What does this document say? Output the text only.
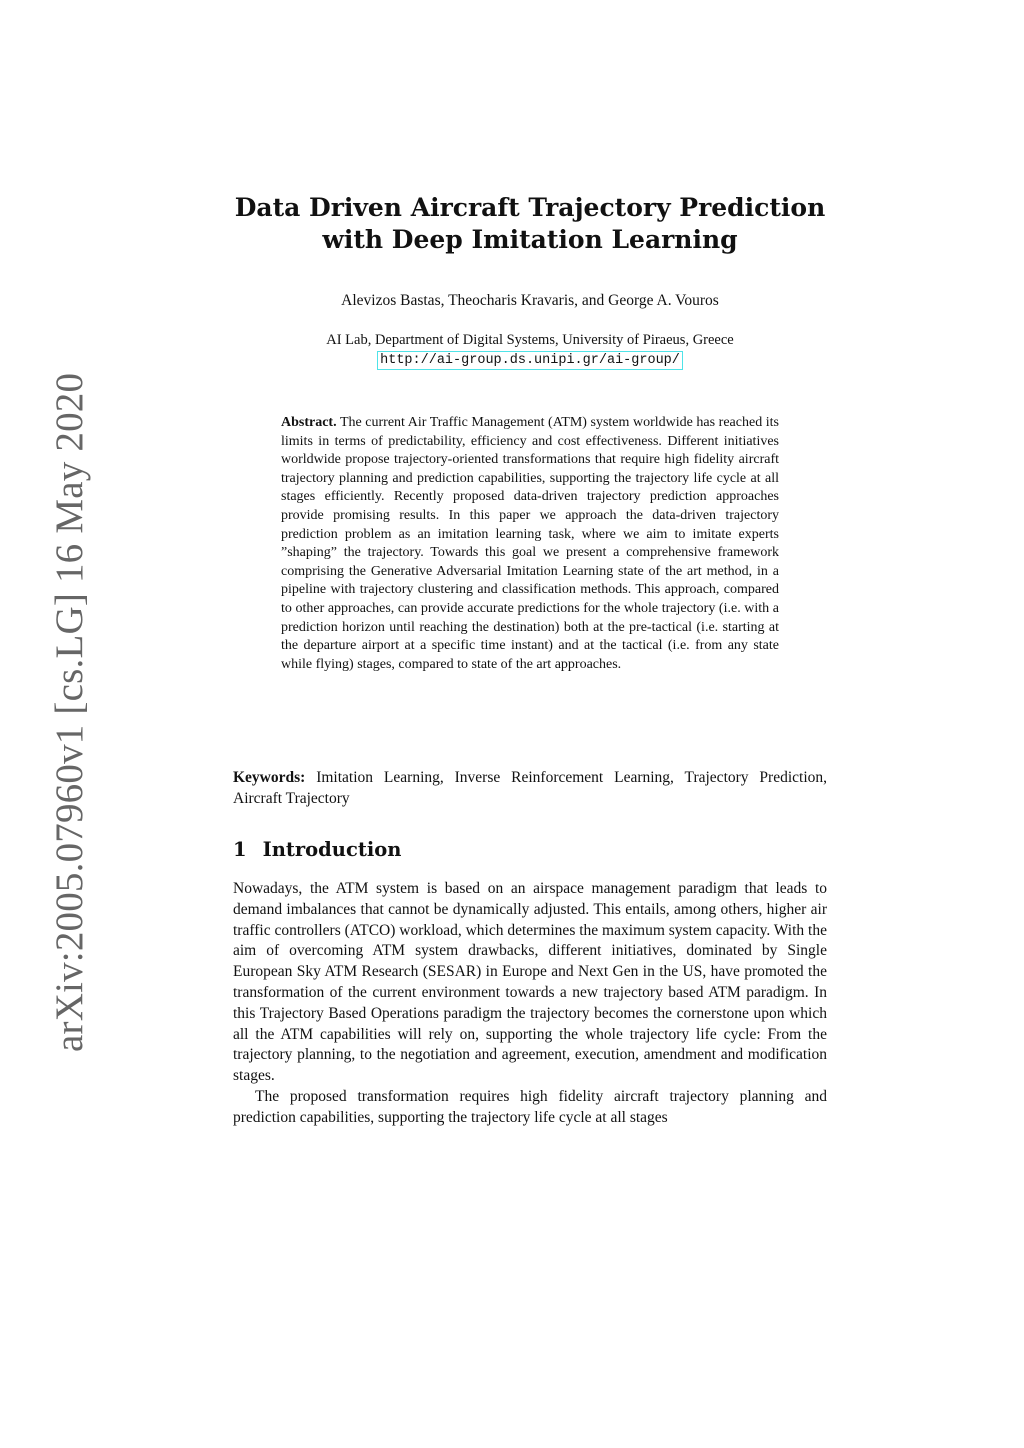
arXiv:2005.07960v1 [cs.LG] 16 May 2020
Data Driven Aircraft Trajectory Prediction with Deep Imitation Learning
Alevizos Bastas, Theocharis Kravaris, and George A. Vouros
AI Lab, Department of Digital Systems, University of Piraeus, Greece
http://ai-group.ds.unipi.gr/ai-group/
Abstract. The current Air Traffic Management (ATM) system worldwide has reached its limits in terms of predictability, efficiency and cost effectiveness. Different initiatives worldwide propose trajectory-oriented transformations that require high fidelity aircraft trajectory planning and prediction capabilities, supporting the trajectory life cycle at all stages efficiently. Recently proposed data-driven trajectory prediction approaches provide promising results. In this paper we approach the data-driven trajectory prediction problem as an imitation learning task, where we aim to imitate experts ”shaping” the trajectory. Towards this goal we present a comprehensive framework comprising the Generative Adversarial Imitation Learning state of the art method, in a pipeline with trajectory clustering and classification methods. This approach, compared to other approaches, can provide accurate predictions for the whole trajectory (i.e. with a prediction horizon until reaching the destination) both at the pre-tactical (i.e. starting at the departure airport at a specific time instant) and at the tactical (i.e. from any state while flying) stages, compared to state of the art approaches.
Keywords: Imitation Learning, Inverse Reinforcement Learning, Trajectory Prediction, Aircraft Trajectory
1 Introduction

Nowadays, the ATM system is based on an airspace management paradigm that leads to demand imbalances that cannot be dynamically adjusted. This entails, among others, higher air traffic controllers (ATCO) workload, which determines the maximum system capacity. With the aim of overcoming ATM system drawbacks, different initiatives, dominated by Single European Sky ATM Research (SESAR) in Europe and Next Gen in the US, have promoted the transformation of the current environment towards a new trajectory based ATM paradigm. In this Trajectory Based Operations paradigm the trajectory becomes the cornerstone upon which all the ATM capabilities will rely on, supporting the whole trajectory life cycle: From the trajectory planning, to the negotiation and agreement, execution, amendment and modification stages.

The proposed transformation requires high fidelity aircraft trajectory planning and prediction capabilities, supporting the trajectory life cycle at all stages
